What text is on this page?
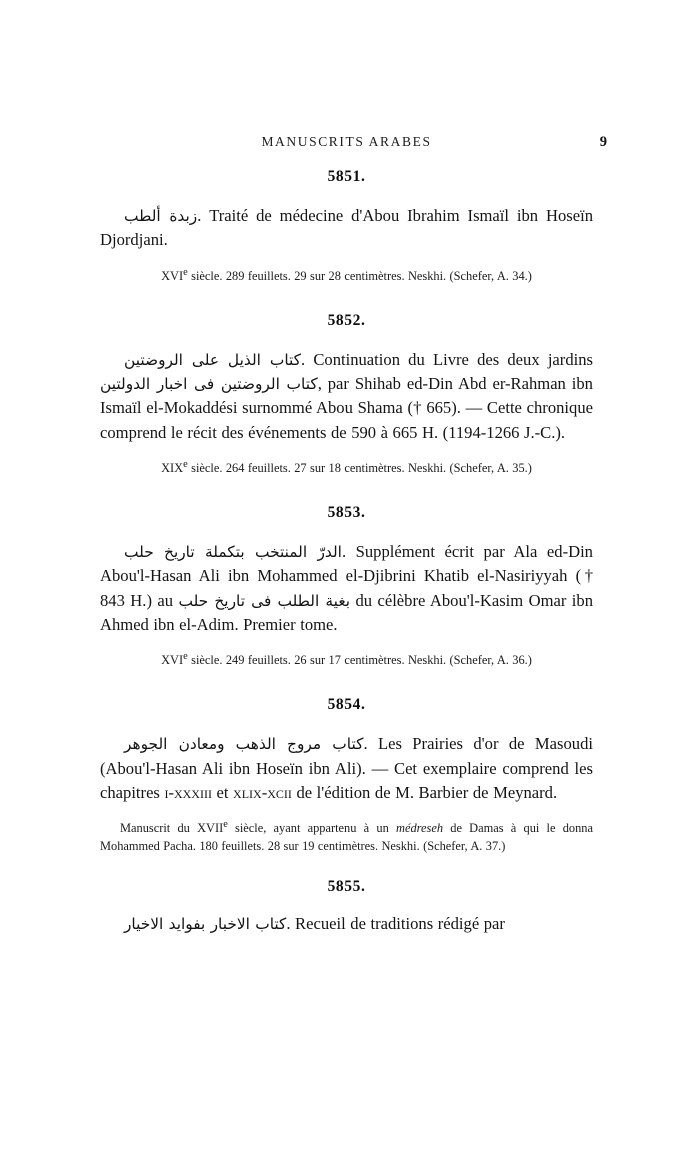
MANUSCRITS ARABES	9
5851.
زبدة ألطب. Traité de médecine d'Abou Ibrahim Ismaïl ibn Hoseïn Djordjani.
XVIe siècle. 289 feuillets. 29 sur 28 centimètres. Neskhi. (Schefer, A. 34.)
5852.
كتاب الذيل على الروضتين. Continuation du Livre des deux jardins كتاب الروضتين فى اخبار الدولتين, par Shihab ed-Din Abd er-Rahman ibn Ismaïl el-Mokaddési surnommé Abou Shama († 665). — Cette chronique comprend le récit des événements de 590 à 665 H. (1194-1266 J.-C.).
XIXe siècle. 264 feuillets. 27 sur 18 centimètres. Neskhi. (Schefer, A. 35.)
5853.
الدرّ المنتخب بتكملة تاريخ حلب. Supplément écrit par Ala ed-Din Abou'l-Hasan Ali ibn Mohammed el-Djibrini Khatib el-Nasiriyyah († 843 H.) au بغية الطلب فى تاريخ حلب du célèbre Abou'l-Kasim Omar ibn Ahmed ibn el-Adim. Premier tome.
XVIe siècle. 249 feuillets. 26 sur 17 centimètres. Neskhi. (Schefer, A. 36.)
5854.
كتاب مروج الذهب ومعادن الجوهر. Les Prairies d'or de Masoudi (Abou'l-Hasan Ali ibn Hoseïn ibn Ali). — Cet exemplaire comprend les chapitres i-xxxiii et xlix-xcii de l'édition de M. Barbier de Meynard.
Manuscrit du XVIIe siècle, ayant appartenu à un médreseh de Damas à qui le donna Mohammed Pacha. 180 feuillets. 28 sur 19 centimètres. Neskhi. (Schefer, A. 37.)
5855.
كتاب الاخبار بفوايد الاخيار. Recueil de traditions rédigé par
